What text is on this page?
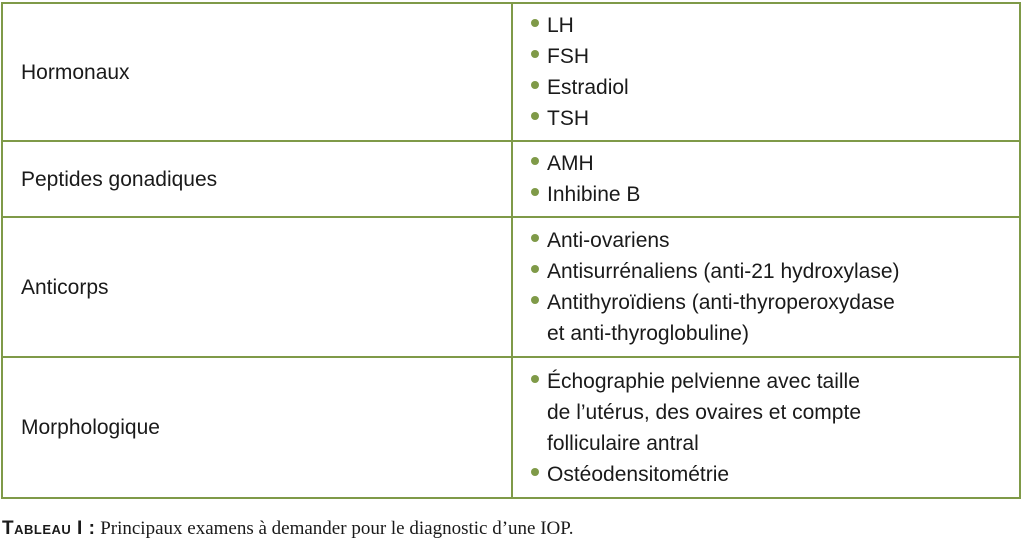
Hormonaux	LH
FSH
Estradiol
TSH

Peptides gonadiques	AMH
Inhibine B

Anticorps	Anti-ovariens
Antisurrénaliens (anti-21 hydroxylase)
Antithyroïdiens (anti-thyroperoxydase
et anti-thyroglobuline)

Morphologique	Échographie pelvienne avec taille
de l’utérus, des ovaires et compte
folliculaire antral
Ostéodensitométrie
Tableau I : Principaux examens à demander pour le diagnostic d’une IOP.
